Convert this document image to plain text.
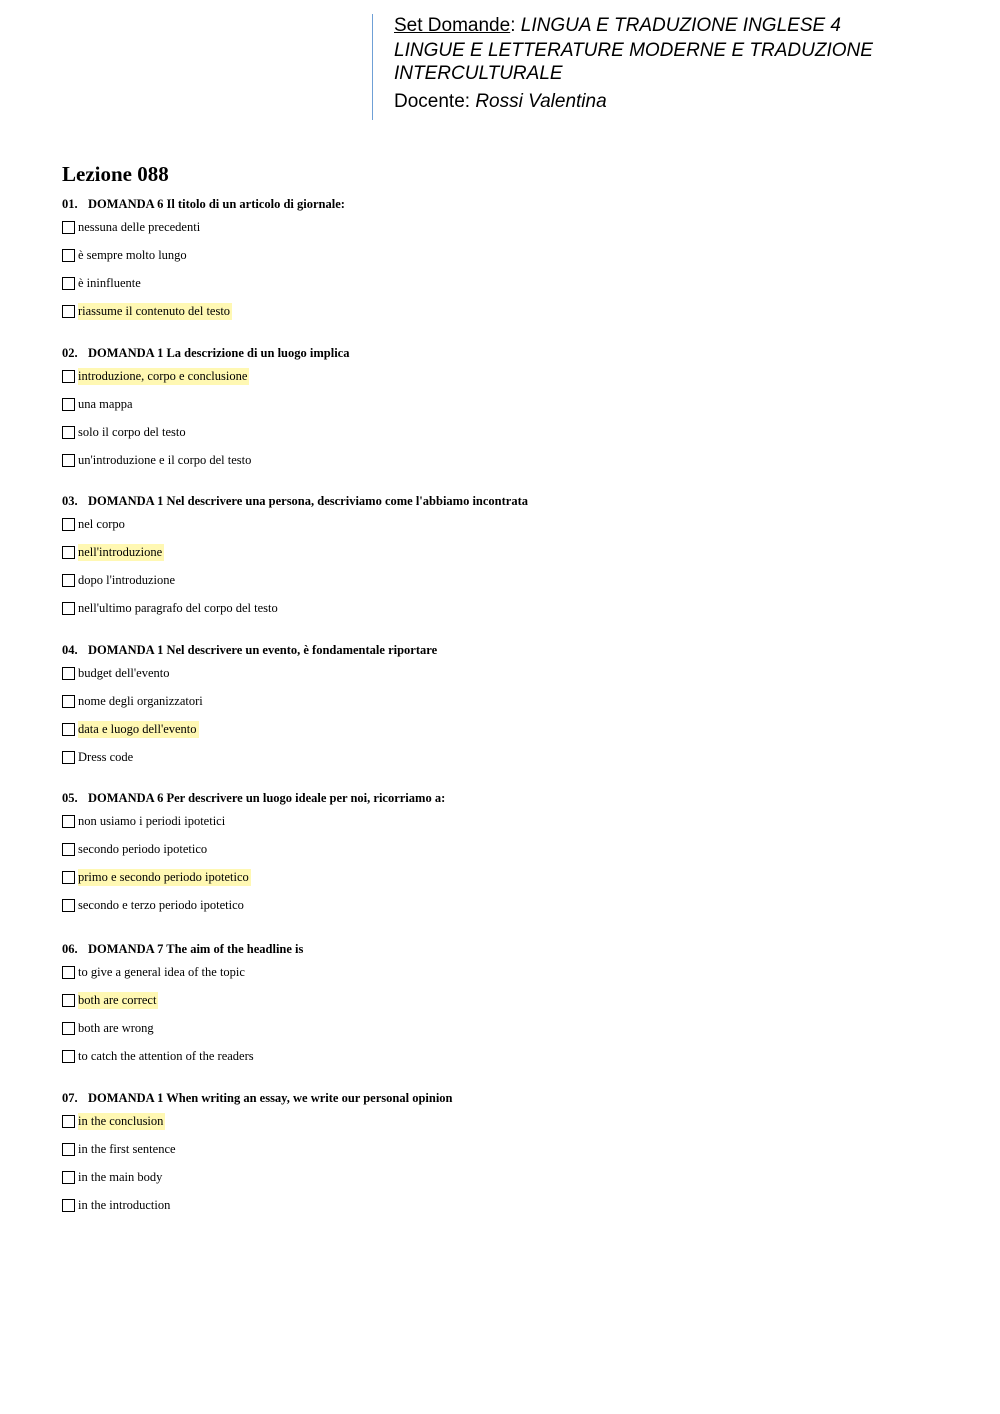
Set Domande: LINGUA E TRADUZIONE INGLESE 4

LINGUE E LETTERATURE MODERNE E TRADUZIONE INTERCULTURALE

Docente: Rossi Valentina

Lezione 088

01. DOMANDA 6 Il titolo di un articolo di giornale:

nessuna delle precedenti
è sempre molto lungo
è ininfluente
riassume il contenuto del testo

02. DOMANDA 1 La descrizione di un luogo implica

introduzione, corpo e conclusione
una mappa
solo il corpo del testo
un'introduzione e il corpo del testo

03. DOMANDA 1 Nel descrivere una persona, descriviamo come l'abbiamo incontrata

nel corpo
nell'introduzione
dopo l'introduzione
nell'ultimo paragrafo del corpo del testo

04. DOMANDA 1 Nel descrivere un evento, è fondamentale riportare

budget dell'evento
nome degli organizzatori
data e luogo dell'evento
Dress code

05. DOMANDA 6 Per descrivere un luogo ideale per noi, ricorriamo a:

non usiamo i periodi ipotetici
secondo periodo ipotetico
primo e secondo periodo ipotetico
secondo e terzo periodo ipotetico

06. DOMANDA 7 The aim of the headline is

to give a general idea of the topic
both are correct
both are wrong
to catch the attention of the readers

07. DOMANDA 1 When writing an essay, we write our personal opinion

in the conclusion
in the first sentence
in the main body
in the introduction
